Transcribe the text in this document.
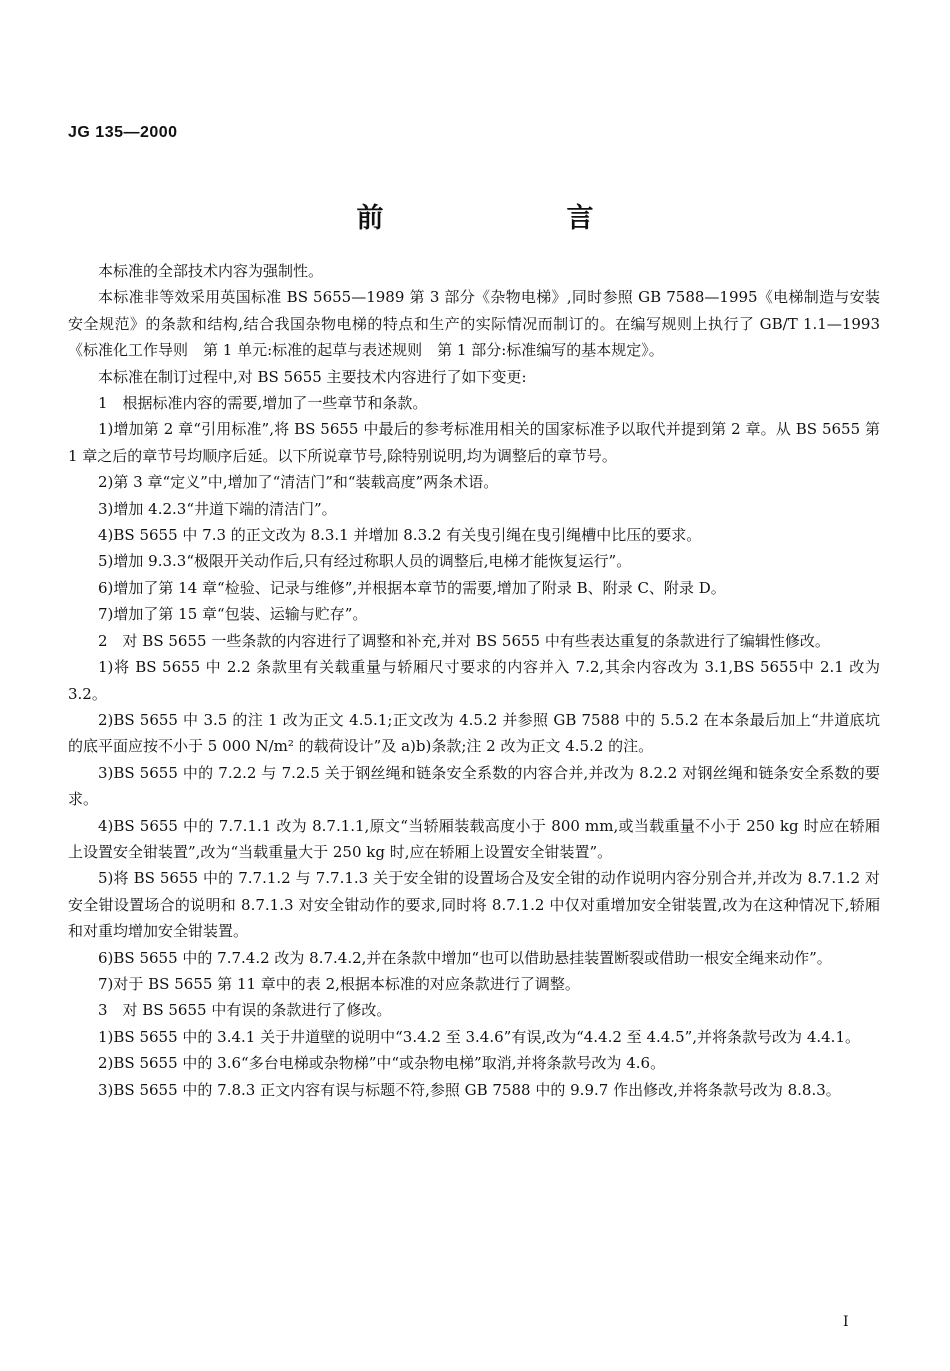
JG 135—2000
前　言

本标准的全部技术内容为强制性。

本标准非等效采用英国标准 BS 5655—1989 第 3 部分《杂物电梯》,同时参照 GB 7588—1995《电梯制造与安装安全规范》的条款和结构,结合我国杂物电梯的特点和生产的实际情况而制订的。在编写规则上执行了 GB/T 1.1—1993《标准化工作导则　第 1 单元:标准的起草与表述规则　第 1 部分:标准编写的基本规定》。

本标准在制订过程中,对 BS 5655 主要技术内容进行了如下变更:

1　根据标准内容的需要,增加了一些章节和条款。

1)增加第 2 章“引用标准”,将 BS 5655 中最后的参考标准用相关的国家标准予以取代并提到第 2 章。从 BS 5655 第 1 章之后的章节号均顺序后延。以下所说章节号,除特别说明,均为调整后的章节号。

2)第 3 章“定义”中,增加了“清洁门”和“装载高度”两条术语。

3)增加 4.2.3“井道下端的清洁门”。

4)BS 5655 中 7.3 的正文改为 8.3.1 并增加 8.3.2 有关曳引绳在曳引绳槽中比压的要求。

5)增加 9.3.3“极限开关动作后,只有经过称职人员的调整后,电梯才能恢复运行”。

6)增加了第 14 章“检验、记录与维修”,并根据本章节的需要,增加了附录 B、附录 C、附录 D。

7)增加了第 15 章“包装、运输与贮存”。

2　对 BS 5655 一些条款的内容进行了调整和补充,并对 BS 5655 中有些表达重复的条款进行了编辑性修改。

1)将 BS 5655 中 2.2 条款里有关载重量与轿厢尺寸要求的内容并入 7.2,其余内容改为 3.1,BS 5655中 2.1 改为 3.2。

2)BS 5655 中 3.5 的注 1 改为正文 4.5.1;正文改为 4.5.2 并参照 GB 7588 中的 5.5.2 在本条最后加上“井道底坑的底平面应按不小于 5 000 N/m² 的载荷设计”及 a)b)条款;注 2 改为正文 4.5.2 的注。

3)BS 5655 中的 7.2.2 与 7.2.5 关于钢丝绳和链条安全系数的内容合并,并改为 8.2.2 对钢丝绳和链条安全系数的要求。

4)BS 5655 中的 7.7.1.1 改为 8.7.1.1,原文“当轿厢装载高度小于 800 mm,或当载重量不小于 250 kg 时应在轿厢上设置安全钳装置”,改为“当载重量大于 250 kg 时,应在轿厢上设置安全钳装置”。

5)将 BS 5655 中的 7.7.1.2 与 7.7.1.3 关于安全钳的设置场合及安全钳的动作说明内容分别合并,并改为 8.7.1.2 对安全钳设置场合的说明和 8.7.1.3 对安全钳动作的要求,同时将 8.7.1.2 中仅对重增加安全钳装置,改为在这种情况下,轿厢和对重均增加安全钳装置。

6)BS 5655 中的 7.7.4.2 改为 8.7.4.2,并在条款中增加“也可以借助悬挂装置断裂或借助一根安全绳来动作”。

7)对于 BS 5655 第 11 章中的表 2,根据本标准的对应条款进行了调整。

3　对 BS 5655 中有误的条款进行了修改。

1)BS 5655 中的 3.4.1 关于井道壁的说明中“3.4.2 至 3.4.6”有误,改为“4.4.2 至 4.4.5”,并将条款号改为 4.4.1。

2)BS 5655 中的 3.6“多台电梯或杂物梯”中“或杂物电梯”取消,并将条款号改为 4.6。

3)BS 5655 中的 7.8.3 正文内容有误与标题不符,参照 GB 7588 中的 9.9.7 作出修改,并将条款号改为 8.8.3。

I
